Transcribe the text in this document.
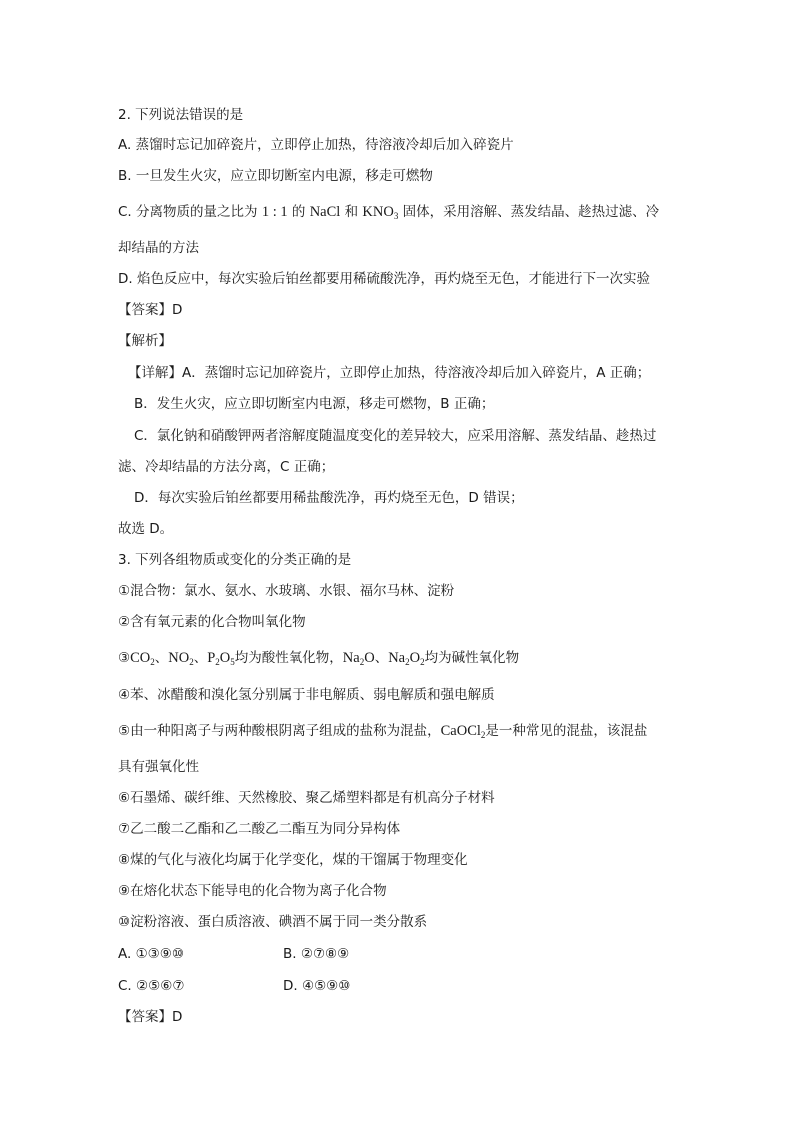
2. 下列说法错误的是
A. 蒸馏时忘记加碎瓷片，立即停止加热，待溶液冷却后加入碎瓷片
B. 一旦发生火灾，应立即切断室内电源，移走可燃物
C. 分离物质的量之比为 1 : 1 的 NaCl 和 $KNO_3$ 固体，采用溶解、蒸发结晶、趁热过滤、冷
却结晶的方法
D. 焰色反应中，每次实验后铂丝都要用稀硫酸洗净，再灼烧至无色，才能进行下一次实验
【答案】D
【解析】
【详解】A．蒸馏时忘记加碎瓷片，立即停止加热，待溶液冷却后加入碎瓷片，A 正确；
B．发生火灾，应立即切断室内电源，移走可燃物，B 正确；
C．氯化钠和硝酸钾两者溶解度随温度变化的差异较大，应采用溶解、蒸发结晶、趁热过
滤、冷却结晶的方法分离，C 正确；
D．每次实验后铂丝都要用稀盐酸洗净，再灼烧至无色，D 错误；
故选 D。
3. 下列各组物质或变化的分类正确的是
①混合物：氯水、氨水、水玻璃、水银、福尔马林、淀粉
②含有氧元素的化合物叫氧化物
$③CO_2$、$NO_2$、$P_2O_5$均为酸性氧化物，$Na_2O$、$Na_2O_2$均为碱性氧化物
④苯、冰醋酸和溴化氢分别属于非电解质、弱电解质和强电解质
⑤由一种阳离子与两种酸根阴离子组成的盐称为混盐，CaOCl$_2$是一种常见的混盐，该混盐
具有强氧化性
⑥石墨烯、碳纤维、天然橡胶、聚乙烯塑料都是有机高分子材料
⑦乙二酸二乙酯和乙二酸乙二酯互为同分异构体
⑧煤的气化与液化均属于化学变化，煤的干馏属于物理变化
⑨在熔化状态下能导电的化合物为离子化合物
⑩淀粉溶液、蛋白质溶液、碘酒不属于同一类分散系
A. ①③⑨⑩	B. ②⑦⑧⑨
C. ②⑤⑥⑦	D. ④⑤⑨⑩
【答案】D
